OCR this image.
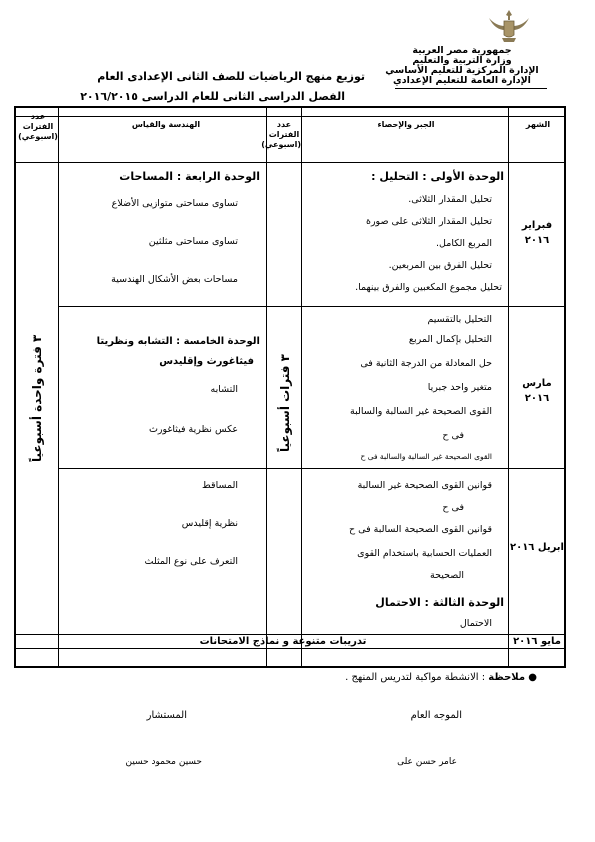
جمهورية مصر العربية
وزارة التربية والتعليم
الإدارة المركزية للتعليم الأساسي
الإدارة العامة للتعليم الإعدادي
توزيع منهج الرياضيات للصف الثانى الإعدادى العام
الفصل الدراسى الثانى للعام الدراسى ٢٠١٦/٢٠١٥
الشهر
الجبر والإحصاء
عدد الفترات (اسبوعي)
الهندسة والقياس
عدد الفترات (اسبوعي)
٣ فترة واحدة أسبوعياً
٣ فترات أسبوعياً
فبراير ٢٠١٦
مارس ٢٠١٦
ابريل ٢٠١٦
مايو ٢٠١٦
الوحدة الأولى : التحليل :
تحليل المقدار الثلاثى.
تحليل المقدار الثلاثى على صورة
المربع الكامل.
تحليل الفرق بين المربعين.
تحليل مجموع المكعبين والفرق بينهما.
الوحدة الرابعة : المساحات
تساوى مساحتى متوازيى الأضلاع
تساوى مساحتى مثلثين
مساحات بعض الأشكال الهندسية
التحليل بالتقسيم
التحليل بإكمال المربع
حل المعادلة من الدرجة الثانية فى
متغير واحد جبريا
القوى الصحيحة غير السالبة والسالبة
فى ح
القوى الصحيحة غير السالبة والسالبة فى ح
الوحدة الخامسة : التشابه ونظريتا
فيثاغورث وإقليدس
التشابه
عكس نظرية فيثاغورث
قوانين القوى الصحيحة غير السالبة
فى ح
قوانين القوى الصحيحة السالبة فى ح
العمليات الحسابية باستخدام القوى
الصحيحة
الوحدة الثالثة : الاحتمال
الاحتمال
المساقط
نظرية إقليدس
التعرف على نوع المثلث
تدريبات متنوعة و نماذج الامتحانات
● ملاحظة : الانشطة مواكبة لتدريس المنهج .
الموجه العام
عامر حسن على
المستشار
حسين محمود حسين
